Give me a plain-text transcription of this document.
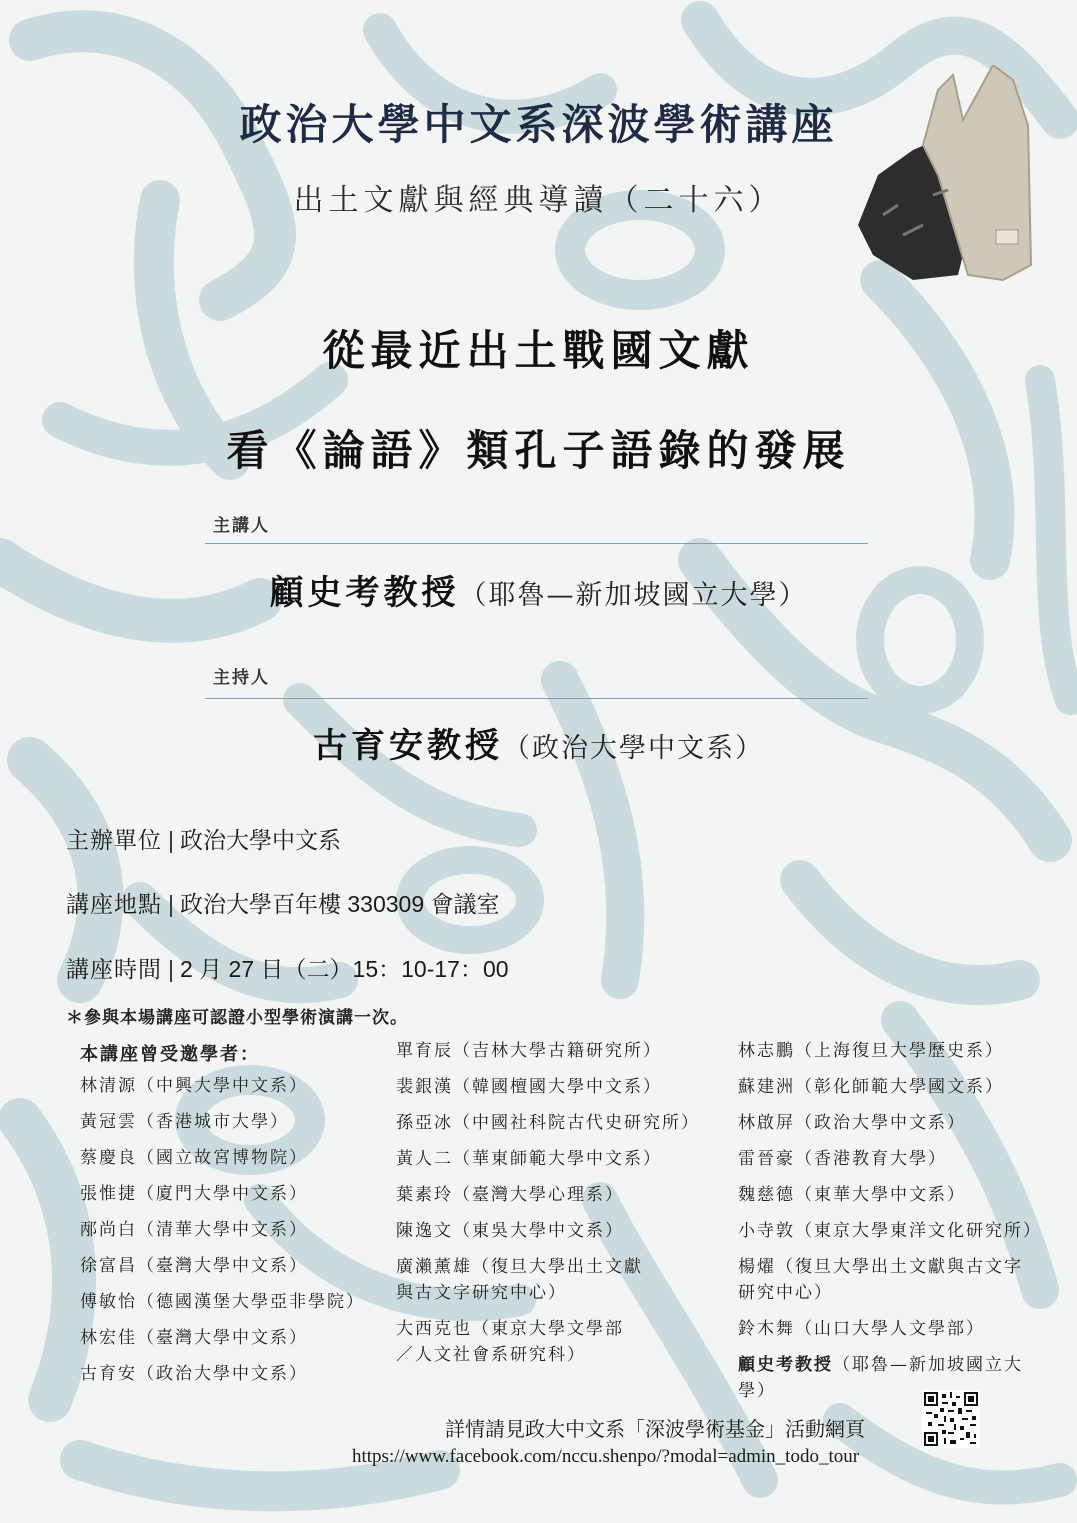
政治大學中文系深波學術講座
出土文獻與經典導讀（二十六）
從最近出土戰國文獻
看《論語》類孔子語錄的發展
主講人
顧史考教授（耶魯—新加坡國立大學）
主持人
古育安教授（政治大學中文系）
主辦單位 | 政治大學中文系
講座地點 | 政治大學百年樓 330309 會議室
講座時間 | 2 月 27 日（二）15：10-17：00
＊參與本場講座可認證小型學術演講一次。
本講座曾受邀學者：
林清源（中興大學中文系）
黃冠雲（香港城市大學）
蔡慶良（國立故宮博物院）
張惟捷（廈門大學中文系）
邴尚白（清華大學中文系）
徐富昌（臺灣大學中文系）
傅敏怡（德國漢堡大學亞非學院）
林宏佳（臺灣大學中文系）
古育安（政治大學中文系）
單育辰（吉林大學古籍研究所）
裴銀漢（韓國檀國大學中文系）
孫亞冰（中國社科院古代史研究所）
黃人二（華東師範大學中文系）
葉素玲（臺灣大學心理系）
陳逸文（東吳大學中文系）
廣瀨薰雄（復旦大學出土文獻
與古文字研究中心）
大西克也（東京大學文學部
／人文社會系研究科）
林志鵬（上海復旦大學歷史系）
蘇建洲（彰化師範大學國文系）
林啟屏（政治大學中文系）
雷晉豪（香港教育大學）
魏慈德（東華大學中文系）
小寺敦（東京大學東洋文化研究所）
楊燿（復旦大學出土文獻與古文字
研究中心）
鈴木舞（山口大學人文學部）
顧史考教授（耶魯—新加坡國立大
學）
詳情請見政大中文系「深波學術基金」活動網頁
https://www.facebook.com/nccu.shenpo/?modal=admin_todo_tour
